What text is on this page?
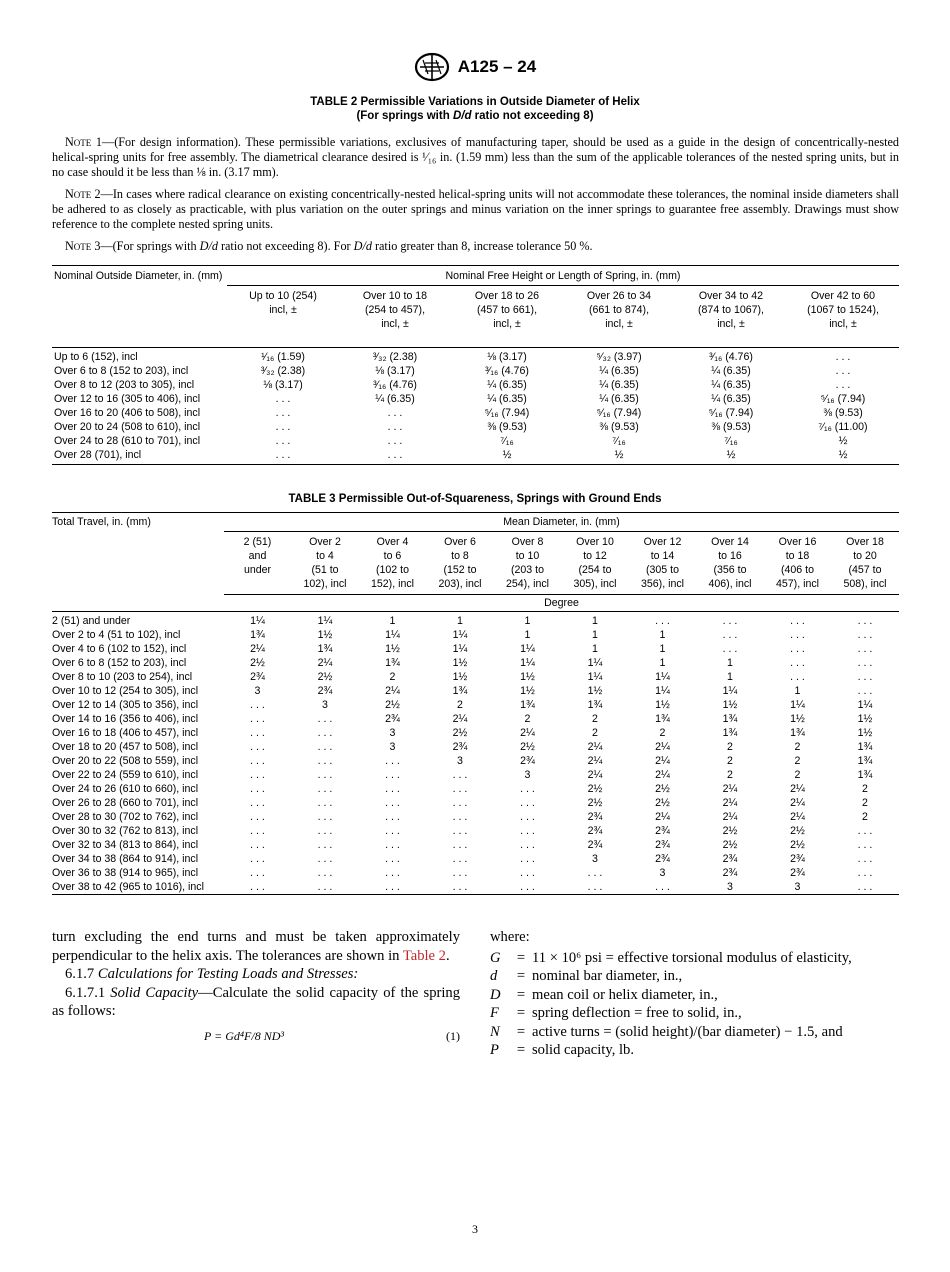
A125 – 24
TABLE 2 Permissible Variations in Outside Diameter of Helix
(For springs with D/d ratio not exceeding 8)

Note 1—(For design information). These permissible variations, exclusives of manufacturing taper, should be used as a guide in the design of concentrically-nested helical-spring units for free assembly. The diametrical clearance desired is ¹⁄₁₆ in. (1.59 mm) less than the sum of the applicable tolerances of the nested spring units, but in no case should it be less than ⅛ in. (3.17 mm).

Note 2—In cases where radical clearance on existing concentrically-nested helical-spring units will not accommodate these tolerances, the nominal inside diameters shall be adhered to as closely as practicable, with plus variation on the outer springs and minus variation on the inner springs to guarantee free assembly. Drawings must show reference to the complete nested spring units.

Note 3—(For springs with D/d ratio not exceeding 8). For D/d ratio greater than 8, increase tolerance 50 %.

Nominal Outside Diameter, in. (mm)	Nominal Free Height or Length of Spring, in. (mm)					
	Up to 10 (254)
incl, ±	Over 10 to 18
(254 to 457),
incl, ±	Over 18 to 26
(457 to 661),
incl, ±	Over 26 to 34
(661 to 874),
incl, ±	Over 34 to 42
(874 to 1067),
incl, ±	Over 42 to 60
(1067 to 1524),
incl, ±
Up to 6 (152), incl	¹⁄₁₆ (1.59)	³⁄₃₂ (2.38)	⅛ (3.17)	⁵⁄₃₂ (3.97)	³⁄₁₆ (4.76)	. . .
Over 6 to 8 (152 to 203), incl	³⁄₃₂ (2.38)	⅛ (3.17)	³⁄₁₆ (4.76)	¼ (6.35)	¼ (6.35)	. . .
Over 8 to 12 (203 to 305), incl	⅛ (3.17)	³⁄₁₆ (4.76)	¼ (6.35)	¼ (6.35)	¼ (6.35)	. . .
Over 12 to 16 (305 to 406), incl	. . .	¼ (6.35)	¼ (6.35)	¼ (6.35)	¼ (6.35)	⁵⁄₁₆ (7.94)
Over 16 to 20 (406 to 508), incl	. . .	. . .	⁵⁄₁₆ (7.94)	⁵⁄₁₆ (7.94)	⁵⁄₁₆ (7.94)	⅜ (9.53)
Over 20 to 24 (508 to 610), incl	. . .	. . .	⅜ (9.53)	⅜ (9.53)	⅜ (9.53)	⁷⁄₁₆ (11.00)
Over 24 to 28 (610 to 701), incl	. . .	. . .	⁷⁄₁₆	⁷⁄₁₆	⁷⁄₁₆	½
Over 28 (701), incl	. . .	. . .	½	½	½	½
TABLE 3 Permissible Out-of-Squareness, Springs with Ground Ends
Total Travel, in. (mm)	Mean Diameter, in. (mm)									
	2 (51)
and
under	Over 2
to 4
(51 to
102), incl	Over 4
to 6
(102 to
152), incl	Over 6
to 8
(152 to
203), incl	Over 8
to 10
(203 to
254), incl	Over 10
to 12
(254 to
305), incl	Over 12
to 14
(305 to
356), incl	Over 14
to 16
(356 to
406), incl	Over 16
to 18
(406 to
457), incl	Over 18
to 20
(457 to
508), incl
	Degree									
2 (51) and under	1¼	1¼	1	1	1	1	. . .	. . .	. . .	. . .
Over 2 to 4 (51 to 102), incl	1¾	1½	1¼	1¼	1	1	1	. . .	. . .	. . .
Over 4 to 6 (102 to 152), incl	2¼	1¾	1½	1¼	1¼	1	1	. . .	. . .	. . .
Over 6 to 8 (152 to 203), incl	2½	2¼	1¾	1½	1¼	1¼	1	1	. . .	. . .
Over 8 to 10 (203 to 254), incl	2¾	2½	2	1½	1½	1¼	1¼	1	. . .	. . .
Over 10 to 12 (254 to 305), incl	3	2¾	2¼	1¾	1½	1½	1¼	1¼	1	. . .
Over 12 to 14 (305 to 356), incl	. . .	3	2½	2	1¾	1¾	1½	1½	1¼	1¼
Over 14 to 16 (356 to 406), incl	. . .	. . .	2¾	2¼	2	2	1¾	1¾	1½	1½
Over 16 to 18 (406 to 457), incl	. . .	. . .	3	2½	2¼	2	2	1¾	1¾	1½
Over 18 to 20 (457 to 508), incl	. . .	. . .	3	2¾	2½	2¼	2¼	2	2	1¾
Over 20 to 22 (508 to 559), incl	. . .	. . .	. . .	3	2¾	2¼	2¼	2	2	1¾
Over 22 to 24 (559 to 610), incl	. . .	. . .	. . .	. . .	3	2¼	2¼	2	2	1¾
Over 24 to 26 (610 to 660), incl	. . .	. . .	. . .	. . .	. . .	2½	2½	2¼	2¼	2
Over 26 to 28 (660 to 701), incl	. . .	. . .	. . .	. . .	. . .	2½	2½	2¼	2¼	2
Over 28 to 30 (702 to 762), incl	. . .	. . .	. . .	. . .	. . .	2¾	2¼	2¼	2¼	2
Over 30 to 32 (762 to 813), incl	. . .	. . .	. . .	. . .	. . .	2¾	2¾	2½	2½	. . .
Over 32 to 34 (813 to 864), incl	. . .	. . .	. . .	. . .	. . .	2¾	2¾	2½	2½	. . .
Over 34 to 38 (864 to 914), incl	. . .	. . .	. . .	. . .	. . .	3	2¾	2¾	2¾	. . .
Over 36 to 38 (914 to 965), incl	. . .	. . .	. . .	. . .	. . .	. . .	3	2¾	2¾	. . .
Over 38 to 42 (965 to 1016), incl	. . .	. . .	. . .	. . .	. . .	. . .	. . .	3	3	. . .

turn excluding the end turns and must be taken approximately perpendicular to the helix axis. The tolerances are shown in Table 2.

6.1.7 Calculations for Testing Loads and Stresses:

6.1.7.1 Solid Capacity—Calculate the solid capacity of the spring as follows:

P = Gd⁴F/8 ND³	(1)

where:

G	= 11 × 10⁶ psi = effective torsional modulus of elasticity,
d	= nominal bar diameter, in.,
D	= mean coil or helix diameter, in.,
F	= spring deflection = free to solid, in.,
N	= active turns = (solid height)/(bar diameter) − 1.5, and
P	= solid capacity, lb.
3
